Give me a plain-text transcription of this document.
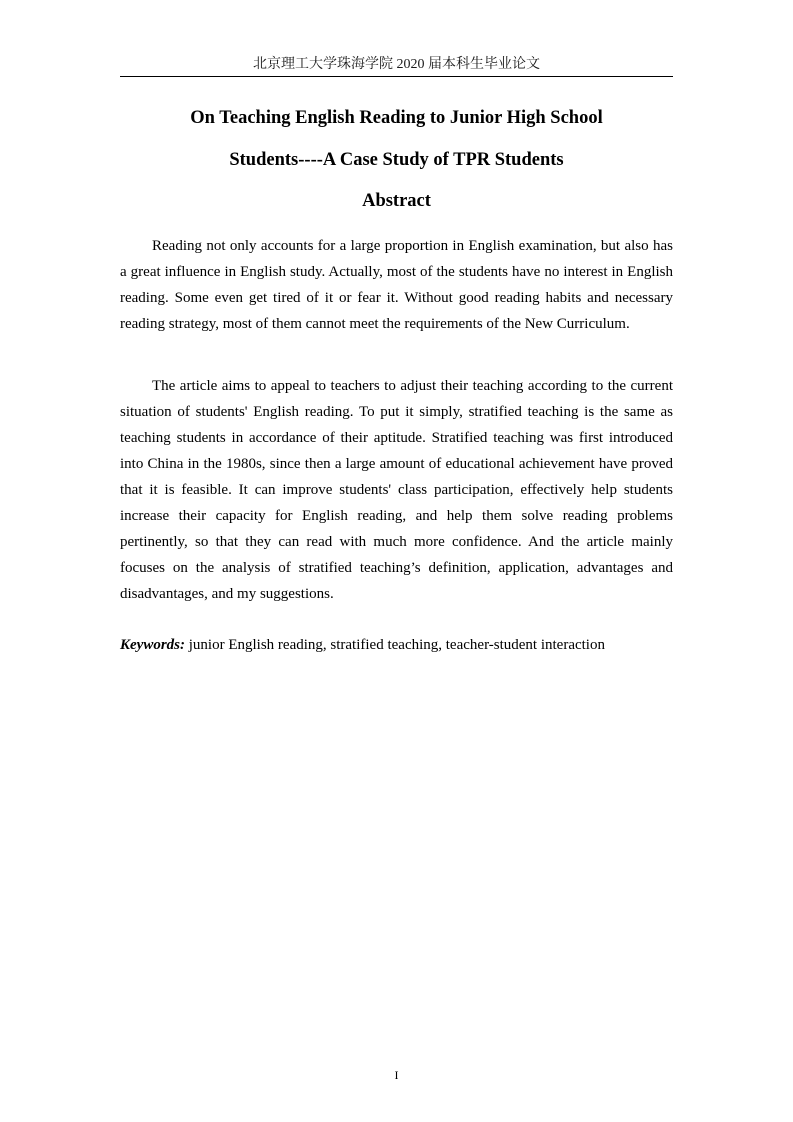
北京理工大学珠海学院 2020 届本科生毕业论文
On Teaching English Reading to Junior High School
Students----A Case Study of TPR Students
Abstract

Reading not only accounts for a large proportion in English examination, but also has a great influence in English study. Actually, most of the students have no interest in English reading. Some even get tired of it or fear it. Without good reading habits and necessary reading strategy, most of them cannot meet the requirements of the New Curriculum.

The article aims to appeal to teachers to adjust their teaching according to the current situation of students' English reading. To put it simply, stratified teaching is the same as teaching students in accordance of their aptitude. Stratified teaching was first introduced into China in the 1980s, since then a large amount of educational achievement have proved that it is feasible. It can improve students' class participation, effectively help students increase their capacity for English reading, and help them solve reading problems pertinently, so that they can read with much more confidence. And the article mainly focuses on the analysis of stratified teaching’s definition, application, advantages and disadvantages, and my suggestions.

Keywords: junior English reading, stratified teaching, teacher-student interaction

I
